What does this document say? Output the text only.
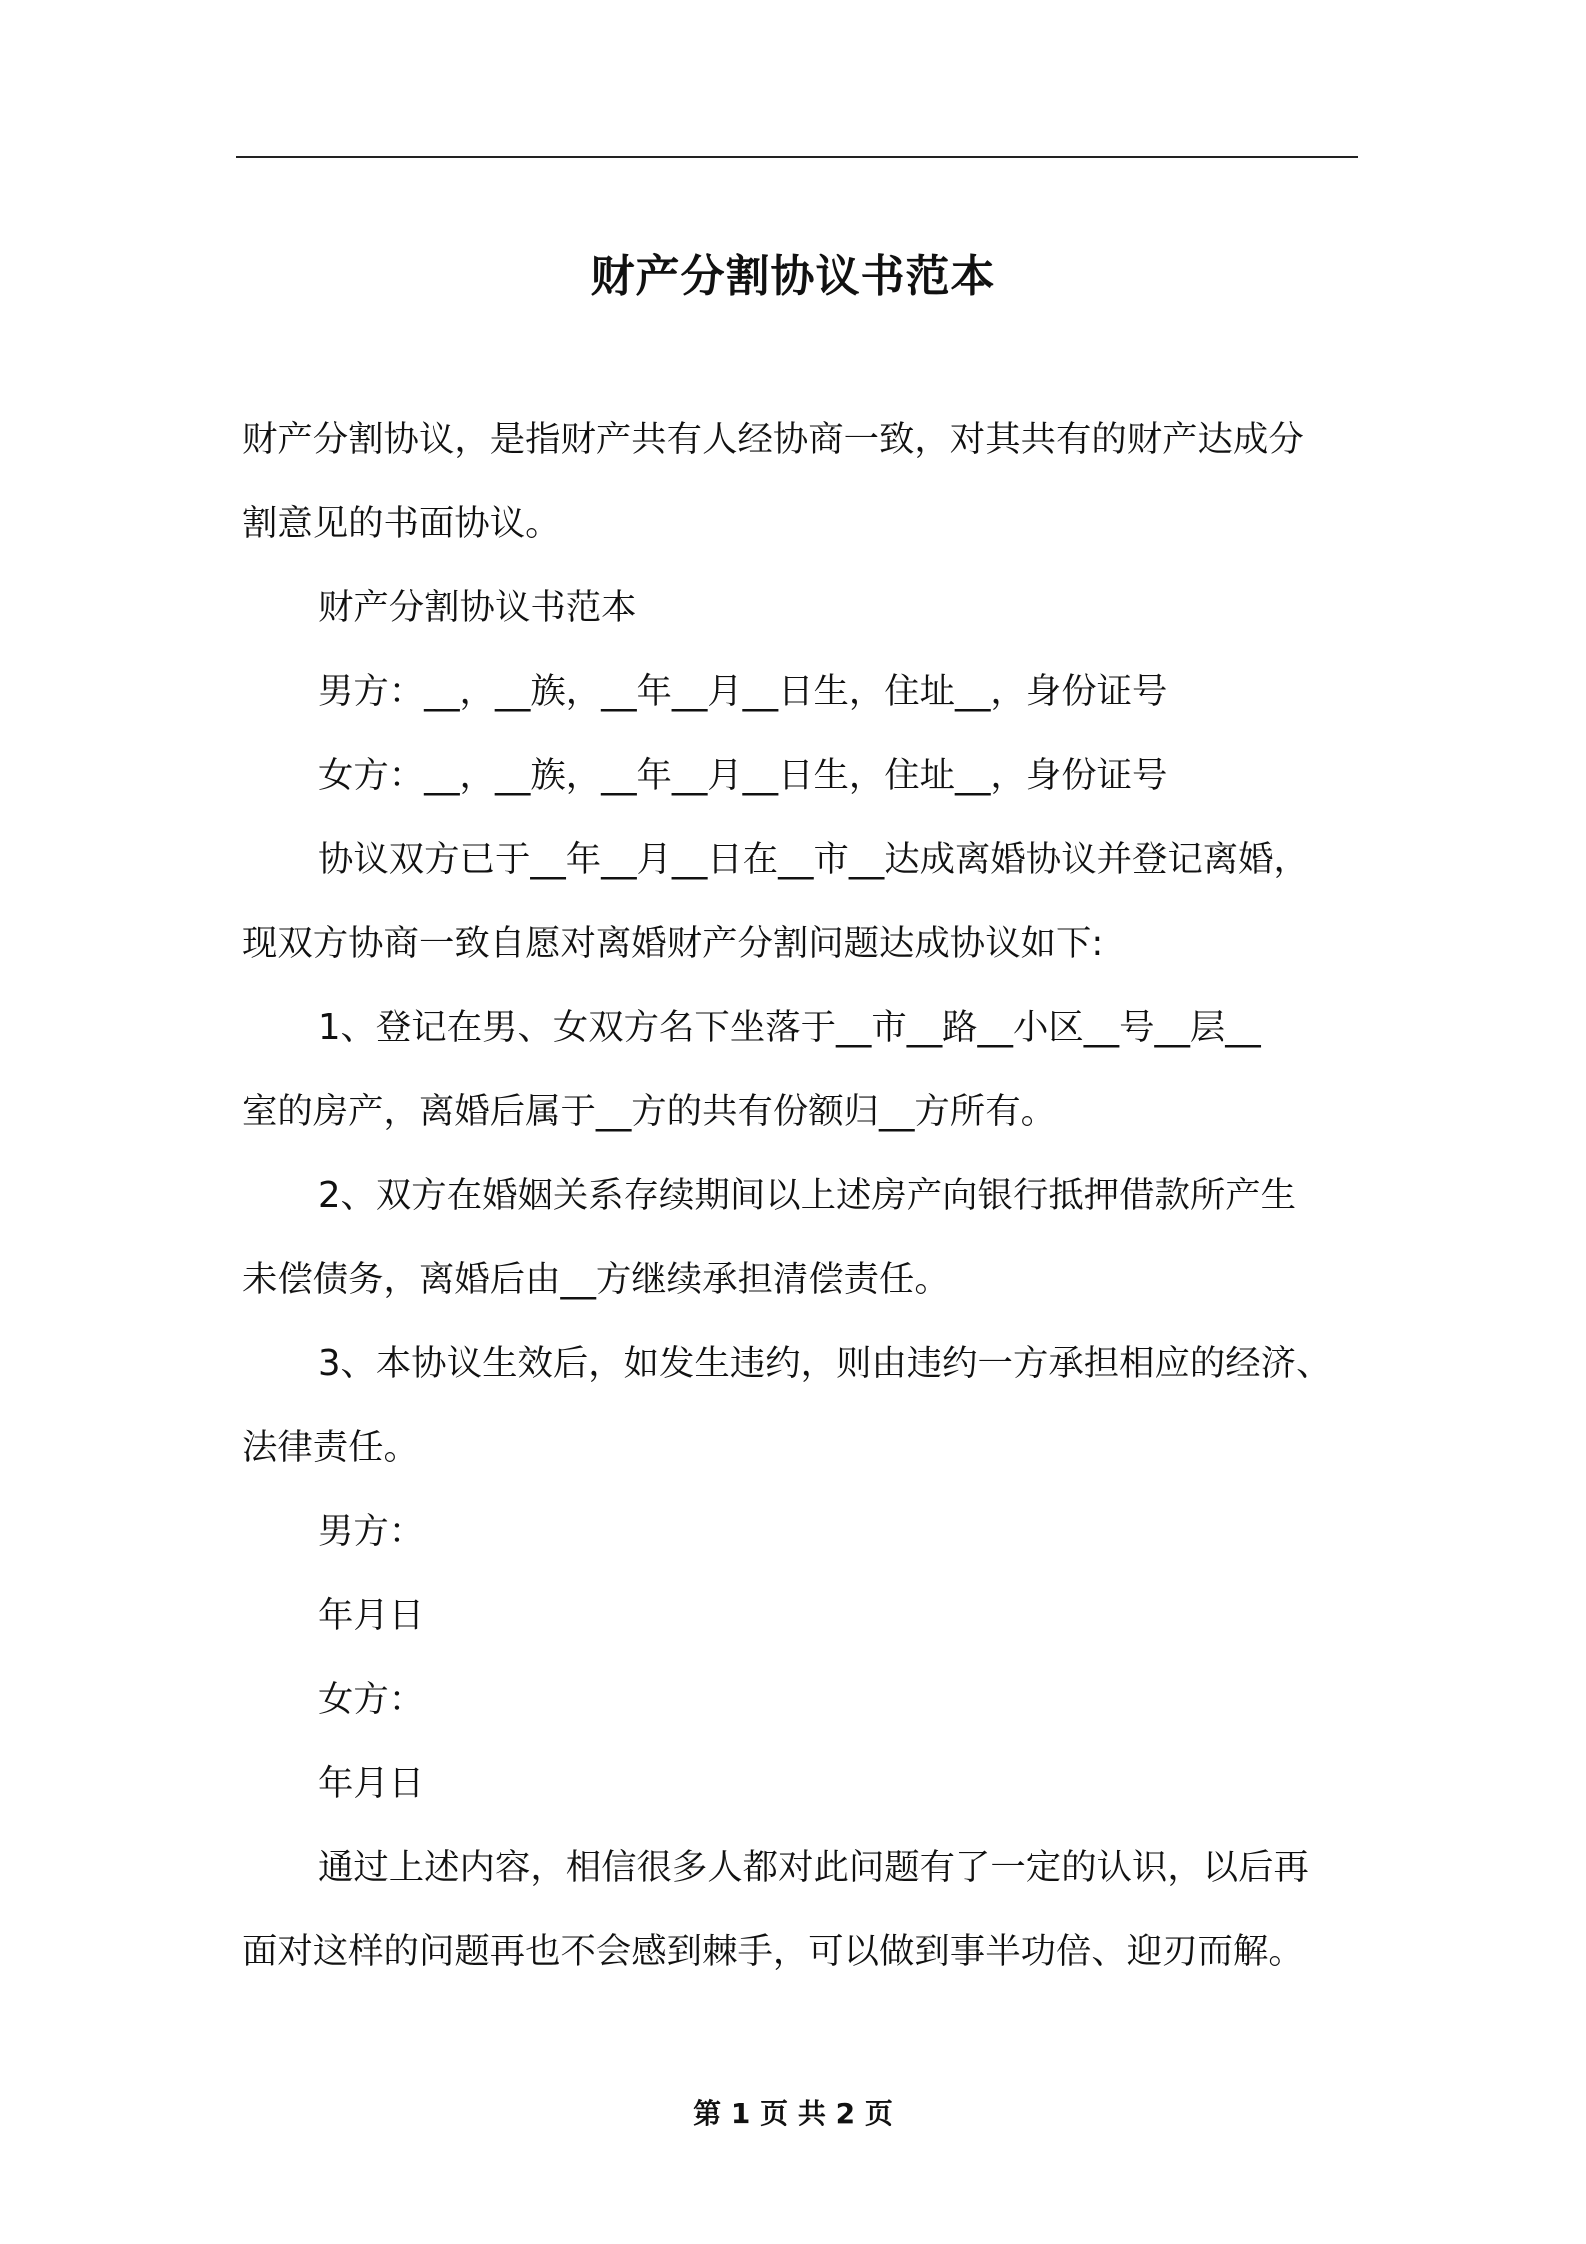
财产分割协议书范本

财产分割协议，是指财产共有人经协商一致，对其共有的财产达成分

割意见的书面协议。

财产分割协议书范本

男方：__，__族，__年__月__日生，住址__，身份证号

女方：__，__族，__年__月__日生，住址__，身份证号

协议双方已于__年__月__日在__市__达成离婚协议并登记离婚，

现双方协商一致自愿对离婚财产分割问题达成协议如下:

1、登记在男、女双方名下坐落于__市__路__小区__号__层__

室的房产，离婚后属于__方的共有份额归__方所有。

2、双方在婚姻关系存续期间以上述房产向银行抵押借款所产生

未偿债务，离婚后由__方继续承担清偿责任。

3、本协议生效后，如发生违约，则由违约一方承担相应的经济、

法律责任。

男方：

年月日

女方：

年月日

通过上述内容，相信很多人都对此问题有了一定的认识，以后再

面对这样的问题再也不会感到棘手，可以做到事半功倍、迎刃而解。

第 1 页 共 2 页
